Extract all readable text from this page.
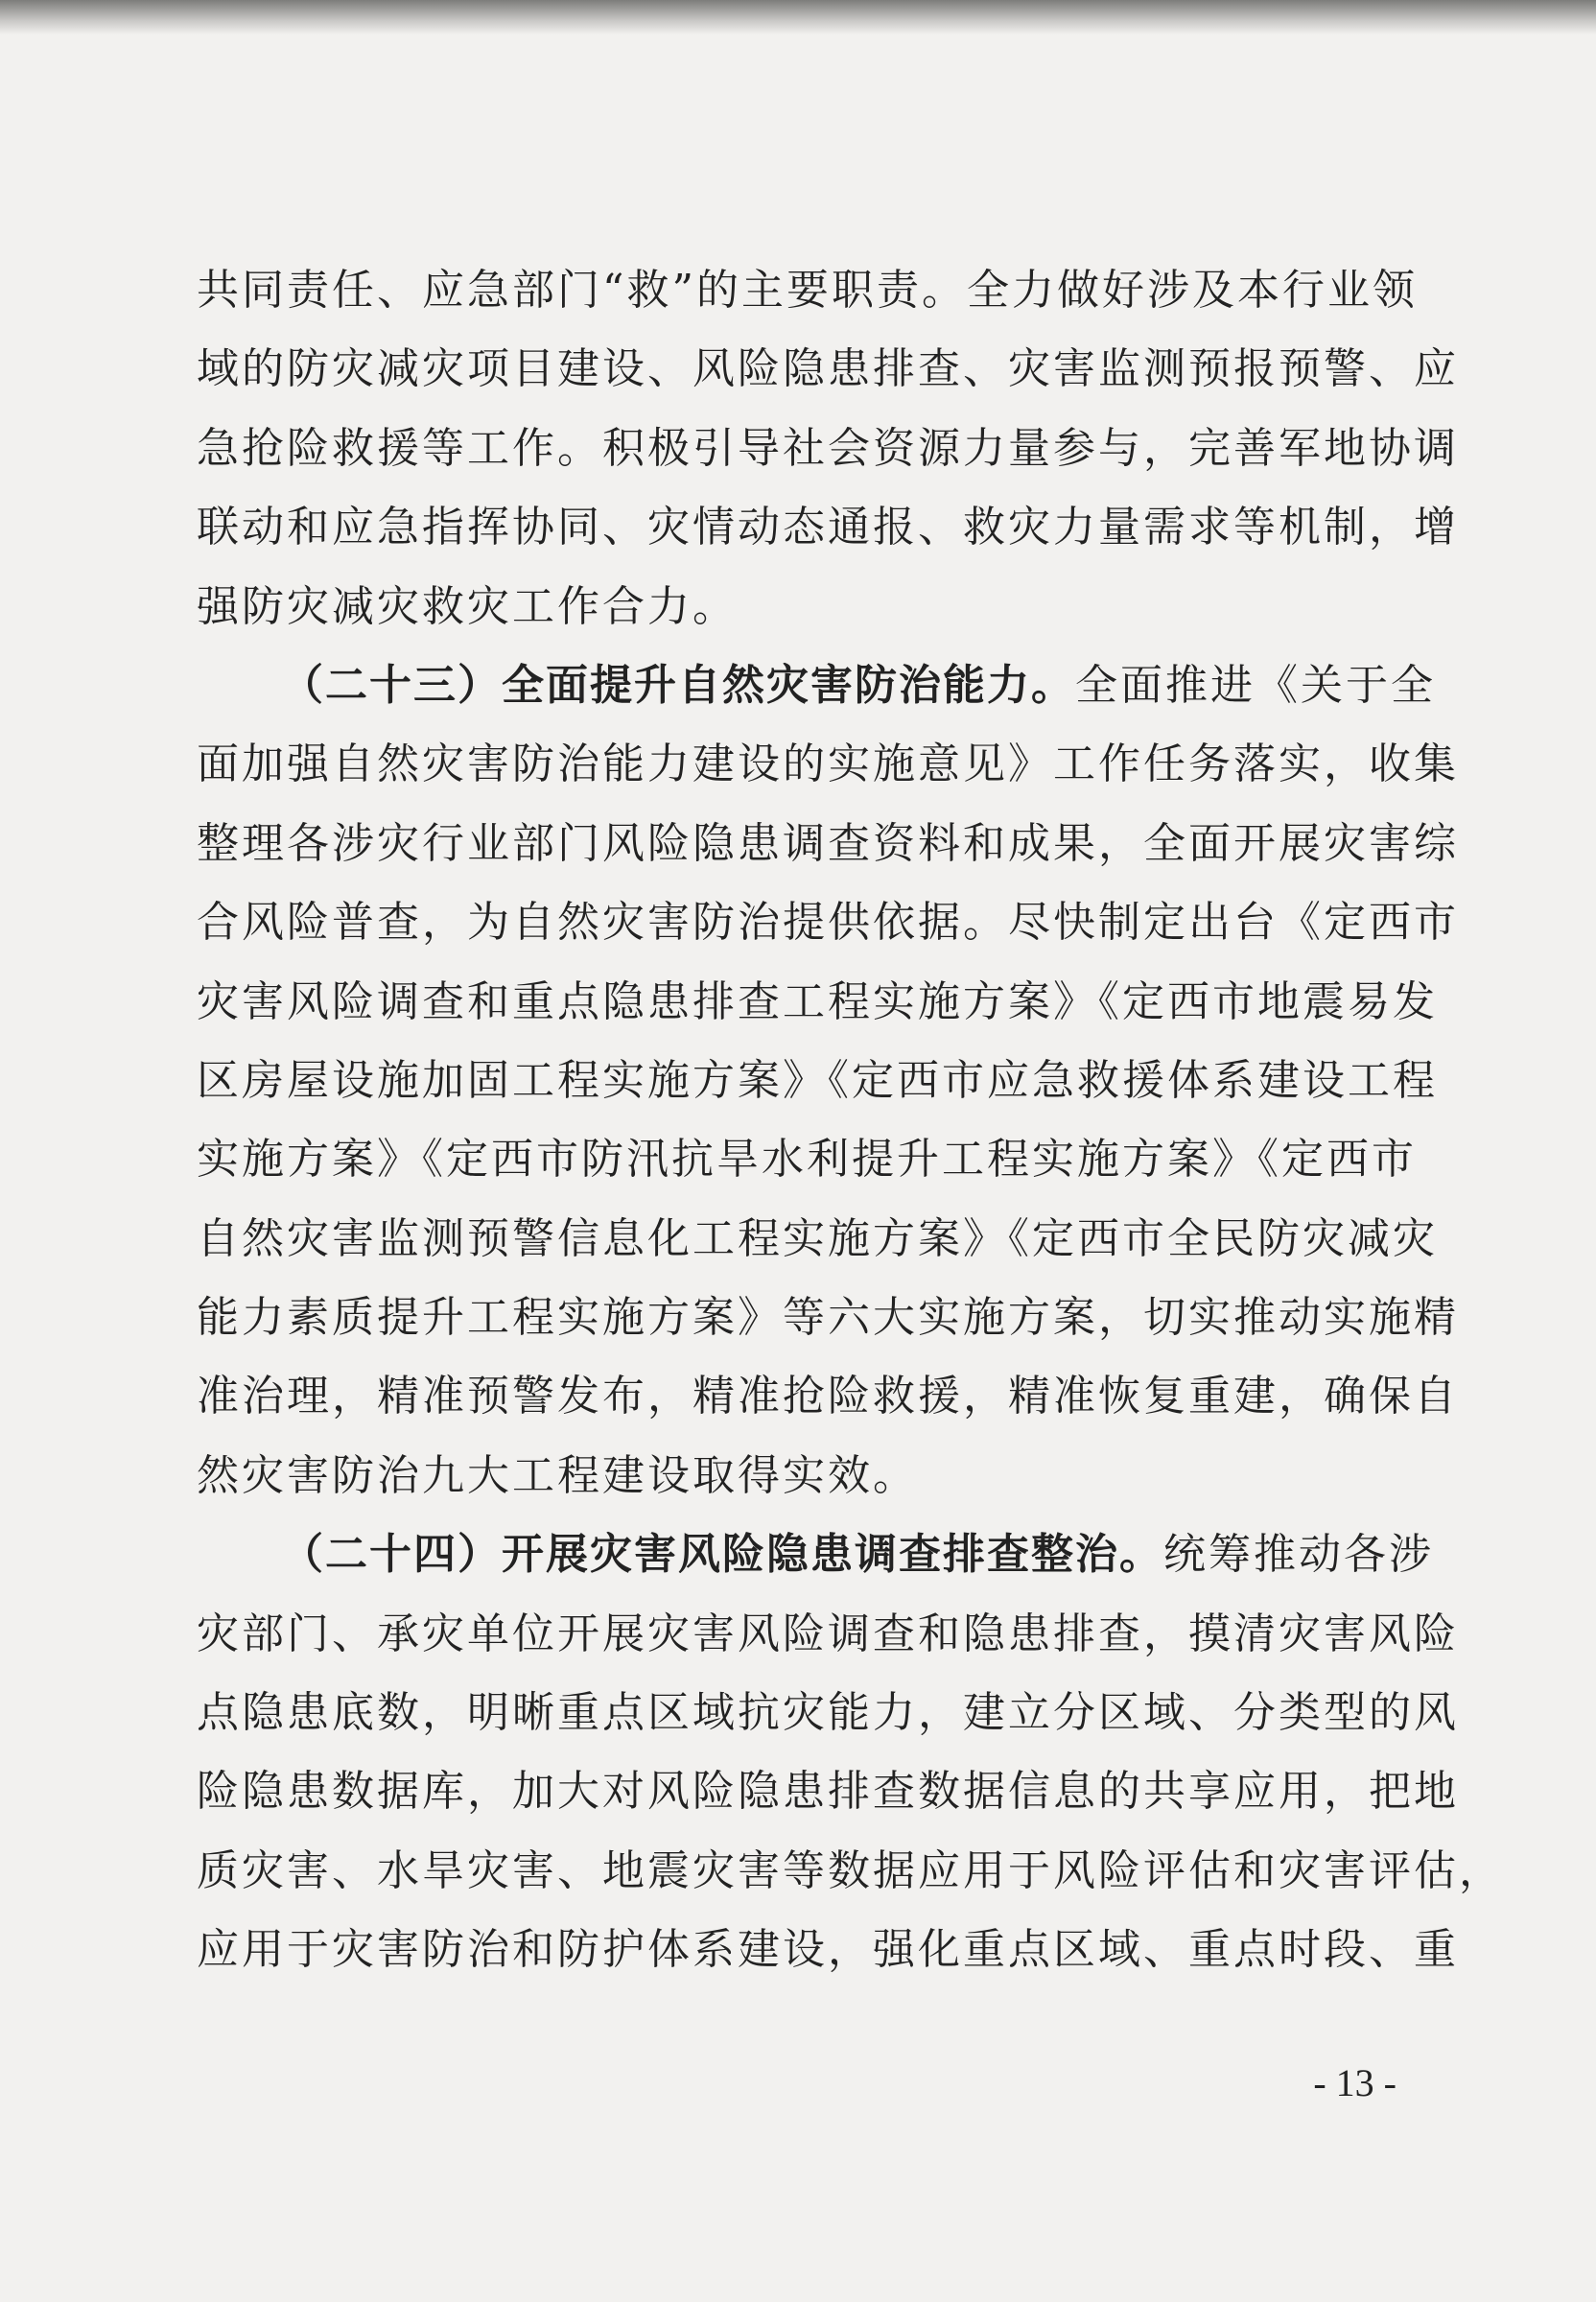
共同责任、应急部门“救”的主要职责。全力做好涉及本行业领
域的防灾减灾项目建设、风险隐患排查、灾害监测预报预警、应
急抢险救援等工作。积极引导社会资源力量参与，完善军地协调
联动和应急指挥协同、灾情动态通报、救灾力量需求等机制，增
强防灾减灾救灾工作合力。
（二十三）全面提升自然灾害防治能力。全面推进《关于全
面加强自然灾害防治能力建设的实施意见》工作任务落实，收集
整理各涉灾行业部门风险隐患调查资料和成果，全面开展灾害综
合风险普查，为自然灾害防治提供依据。尽快制定出台《定西市
灾害风险调查和重点隐患排查工程实施方案》《定西市地震易发
区房屋设施加固工程实施方案》《定西市应急救援体系建设工程
实施方案》《定西市防汛抗旱水利提升工程实施方案》《定西市
自然灾害监测预警信息化工程实施方案》《定西市全民防灾减灾
能力素质提升工程实施方案》等六大实施方案，切实推动实施精
准治理，精准预警发布，精准抢险救援，精准恢复重建，确保自
然灾害防治九大工程建设取得实效。
（二十四）开展灾害风险隐患调查排查整治。统筹推动各涉
灾部门、承灾单位开展灾害风险调查和隐患排查，摸清灾害风险
点隐患底数，明晰重点区域抗灾能力，建立分区域、分类型的风
险隐患数据库，加大对风险隐患排查数据信息的共享应用，把地
质灾害、水旱灾害、地震灾害等数据应用于风险评估和灾害评估，
应用于灾害防治和防护体系建设，强化重点区域、重点时段、重
- 13 -
